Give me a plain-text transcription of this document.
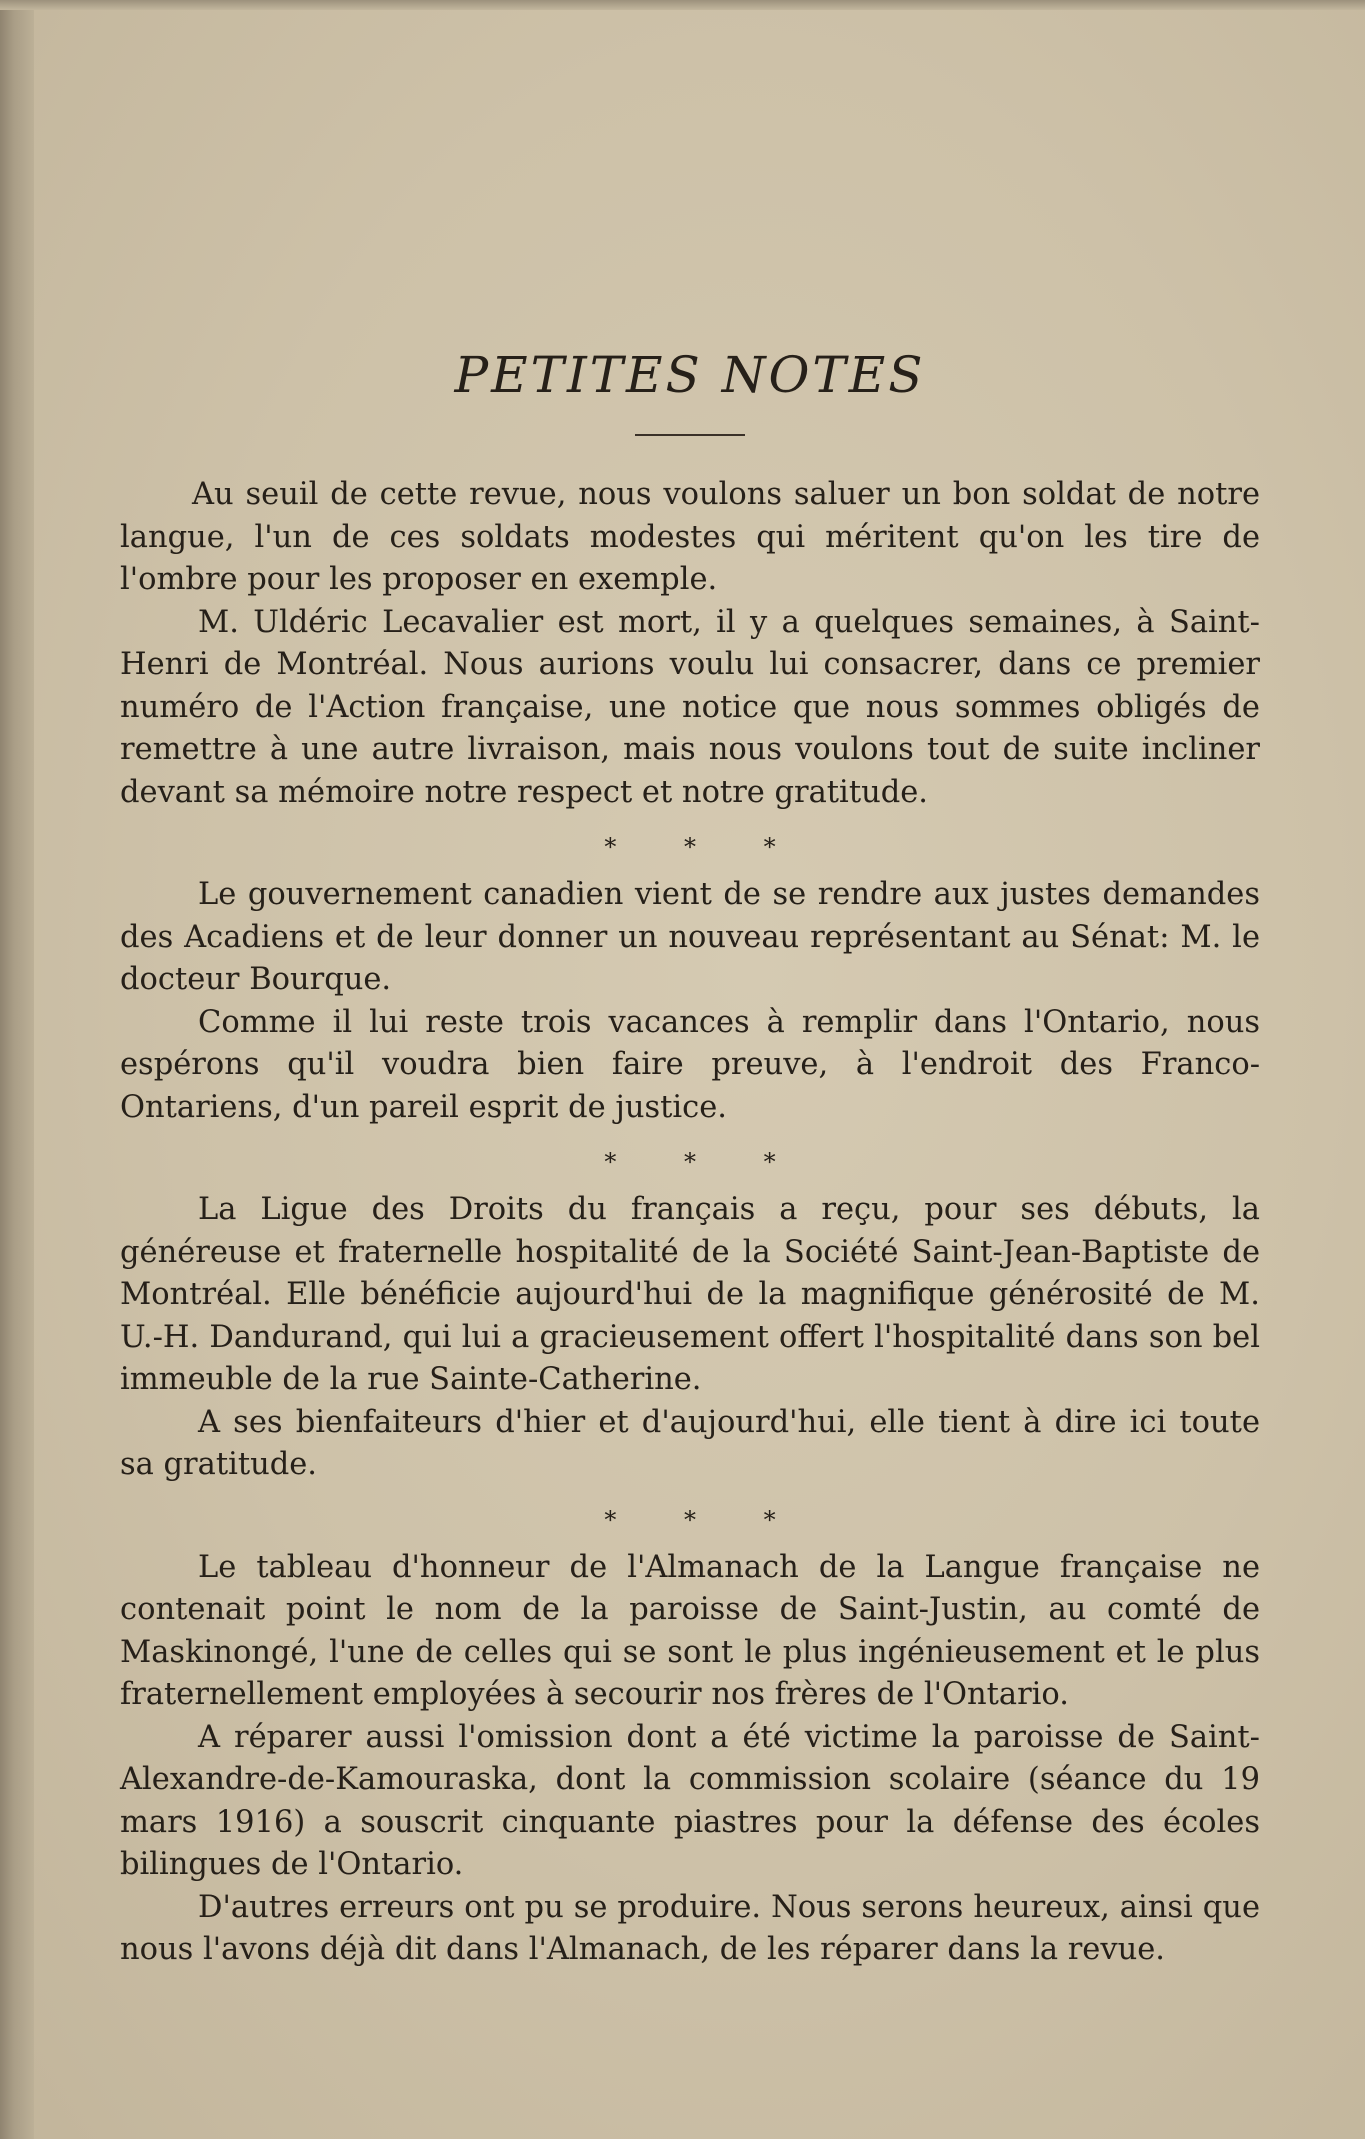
PETITES NOTES

Au seuil de cette revue, nous voulons saluer un bon soldat de notre langue, l'un de ces soldats modestes qui méritent qu'on les tire de l'ombre pour les proposer en exemple.

M. Uldéric Lecavalier est mort, il y a quelques semaines, à Saint-Henri de Montréal. Nous aurions voulu lui consacrer, dans ce premier numéro de l'Action française, une notice que nous sommes obligés de remettre à une autre livraison, mais nous voulons tout de suite incliner devant sa mémoire notre respect et notre gratitude.

* * *

Le gouvernement canadien vient de se rendre aux justes demandes des Acadiens et de leur donner un nouveau représentant au Sénat: M. le docteur Bourque.

Comme il lui reste trois vacances à remplir dans l'Ontario, nous espérons qu'il voudra bien faire preuve, à l'endroit des Franco-Ontariens, d'un pareil esprit de justice.

* * *

La Ligue des Droits du français a reçu, pour ses débuts, la généreuse et fraternelle hospitalité de la Société Saint-Jean-Baptiste de Montréal. Elle bénéficie aujourd'hui de la magnifique générosité de M. U.-H. Dandurand, qui lui a gracieusement offert l'hospitalité dans son bel immeuble de la rue Sainte-Catherine.

A ses bienfaiteurs d'hier et d'aujourd'hui, elle tient à dire ici toute sa gratitude.

* * *

Le tableau d'honneur de l'Almanach de la Langue française ne contenait point le nom de la paroisse de Saint-Justin, au comté de Maskinongé, l'une de celles qui se sont le plus ingénieusement et le plus fraternellement employées à secourir nos frères de l'Ontario.

A réparer aussi l'omission dont a été victime la paroisse de Saint-Alexandre-de-Kamouraska, dont la commission scolaire (séance du 19 mars 1916) a souscrit cinquante piastres pour la défense des écoles bilingues de l'Ontario.

D'autres erreurs ont pu se produire. Nous serons heureux, ainsi que nous l'avons déjà dit dans l'Almanach, de les réparer dans la revue.
